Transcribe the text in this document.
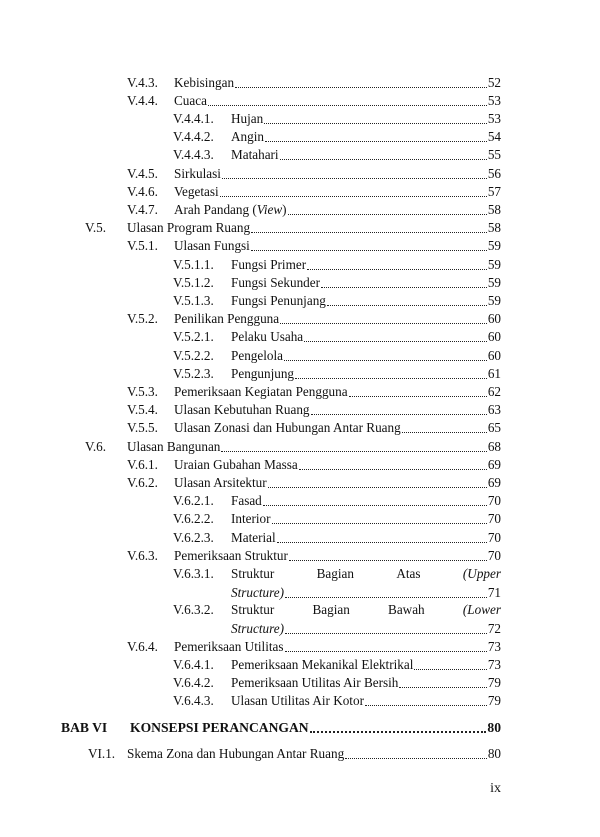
V.4.3.	Kebisingan	52
V.4.4.	Cuaca	53
V.4.4.1.	Hujan	53
V.4.4.2.	Angin	54
V.4.4.3.	Matahari	55
V.4.5.	Sirkulasi	56
V.4.6.	Vegetasi	57
V.4.7.	Arah Pandang (View)	58
V.5.	Ulasan Program Ruang	58
V.5.1.	Ulasan Fungsi	59
V.5.1.1.	Fungsi Primer	59
V.5.1.2.	Fungsi Sekunder	59
V.5.1.3.	Fungsi Penunjang	59
V.5.2.	Penilikan Pengguna	60
V.5.2.1.	Pelaku Usaha	60
V.5.2.2.	Pengelola	60
V.5.2.3.	Pengunjung	61
V.5.3.	Pemeriksaan Kegiatan Pengguna	62
V.5.4.	Ulasan Kebutuhan Ruang	63
V.5.5.	Ulasan Zonasi dan Hubungan Antar Ruang	65
V.6.	Ulasan Bangunan	68
V.6.1.	Uraian Gubahan Massa	69
V.6.2.	Ulasan Arsitektur	69
V.6.2.1.	Fasad	70
V.6.2.2.	Interior	70
V.6.2.3.	Material	70
V.6.3.	Pemeriksaan Struktur	70
V.6.3.1.	Struktur	Bagian	Atas	(Upper
Structure)	71
V.6.3.2.	Struktur	Bagian	Bawah	(Lower
Structure)	72
V.6.4.	Pemeriksaan Utilitas	73
V.6.4.1.	Pemeriksaan Mekanikal Elektrikal	73
V.6.4.2.	Pemeriksaan Utilitas Air Bersih	79
V.6.4.3.	Ulasan Utilitas Air Kotor	79
BAB VI	KONSEPSI PERANCANGAN	80
VI.1. Skema Zona dan Hubungan Antar Ruang	80
ix
